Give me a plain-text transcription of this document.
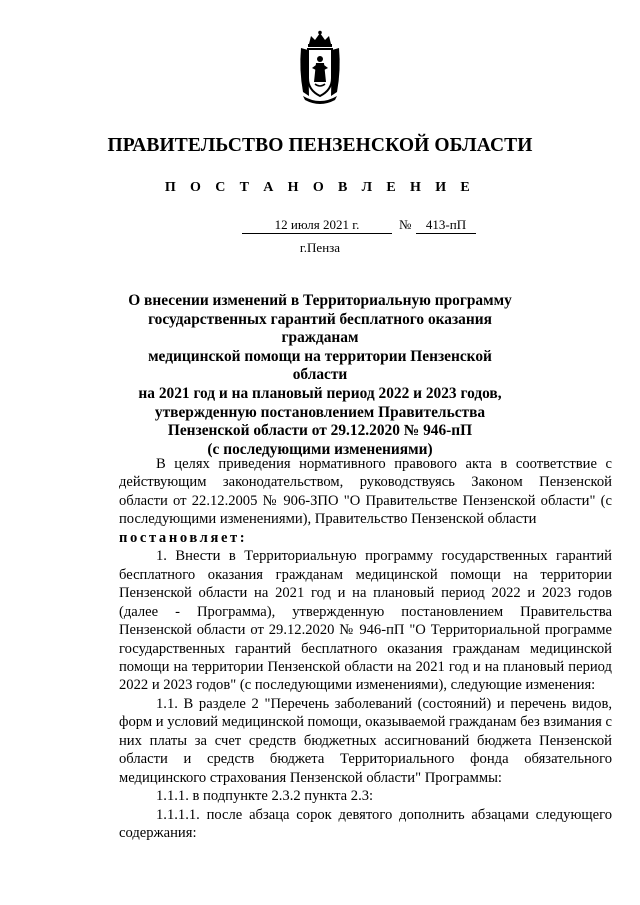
ПРАВИТЕЛЬСТВО ПЕНЗЕНСКОЙ ОБЛАСТИ
П О С Т А Н О В Л Е Н И Е
12 июля 2021 г.	№	413-пП
г.Пенза
О внесении изменений в Территориальную программу
государственных гарантий бесплатного оказания гражданам
медицинской помощи на территории Пензенской области
на 2021 год и на плановый период 2022 и 2023 годов,
утвержденную постановлением Правительства
Пензенской области от 29.12.2020 № 946-пП
(с последующими изменениями)

В целях приведения нормативного правового акта в соответствие с действующим законодательством, руководствуясь Законом Пензенской области от 22.12.2005 № 906-ЗПО "О Правительстве Пензенской области" (с последующими изменениями), Правительство Пензенской области

постановляет:

1. Внести в Территориальную программу государственных гарантий бесплатного оказания гражданам медицинской помощи на территории Пензенской области на 2021 год и на плановый период 2022 и 2023 годов (далее - Программа), утвержденную постановлением Правительства Пензенской области от 29.12.2020 № 946-пП "О Территориальной программе государственных гарантий бесплатного оказания гражданам медицинской помощи на территории Пензенской области на 2021 год и на плановый период 2022 и 2023 годов" (с последующими изменениями), следующие изменения:

1.1. В разделе 2 "Перечень заболеваний (состояний) и перечень видов, форм и условий медицинской помощи, оказываемой гражданам без взимания с них платы за счет средств бюджетных ассигнований бюджета Пензенской области и средств бюджета Территориального фонда обязательного медицинского страхования Пензенской области" Программы:

1.1.1. в подпункте 2.3.2 пункта 2.3:

1.1.1.1. после абзаца сорок девятого дополнить абзацами следующего содержания:
